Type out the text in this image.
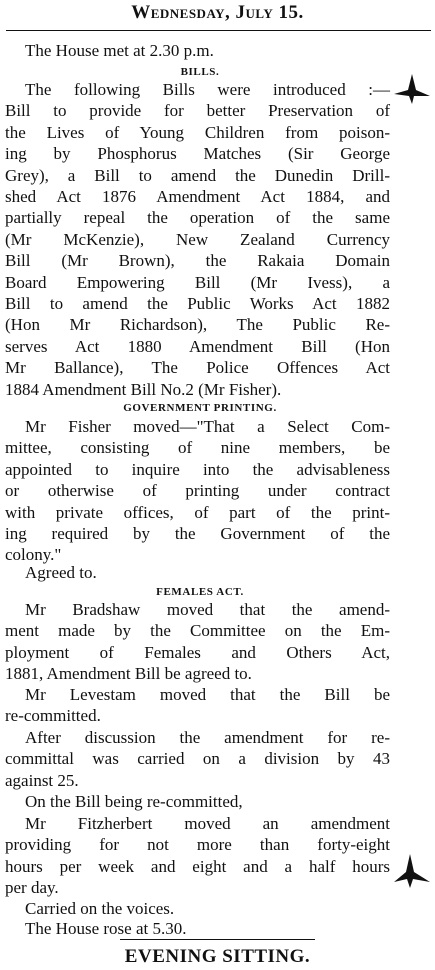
Wednesday, July 15.
The House met at 2.30 p.m.
BILLS.
The following Bills were introduced :—
Bill to provide for better Preservation of
the Lives of Young Children from poison-
ing by Phosphorus Matches (Sir George
Grey), a Bill to amend the Dunedin Drill-
shed Act 1876 Amendment Act 1884, and
partially repeal the operation of the same
(Mr McKenzie), New Zealand Currency
Bill (Mr Brown), the Rakaia Domain
Board Empowering Bill (Mr Ivess), a
Bill to amend the Public Works Act 1882
(Hon Mr Richardson), The Public Re-
serves Act 1880 Amendment Bill (Hon
Mr Ballance), The Police Offences Act
1884 Amendment Bill No.2 (Mr Fisher).
GOVERNMENT PRINTING.
Mr Fisher moved—"That a Select Com-
mittee, consisting of nine members, be
appointed to inquire into the advisableness
or otherwise of printing under contract
with private offices, of part of the print-
ing required by the Government of the
colony."
Agreed to.
FEMALES ACT.
Mr Bradshaw moved that the amend-
ment made by the Committee on the Em-
ployment of Females and Others Act,
1881, Amendment Bill be agreed to.
Mr Levestam moved that the Bill be
re-committed.
After discussion the amendment for re-
committal was carried on a division by 43
against 25.
On the Bill being re-committed,
Mr Fitzherbert moved an amendment
providing for not more than forty-eight
hours per week and eight and a half hours
per day.
Carried on the voices.
The House rose at 5.30.
EVENING SITTING.
